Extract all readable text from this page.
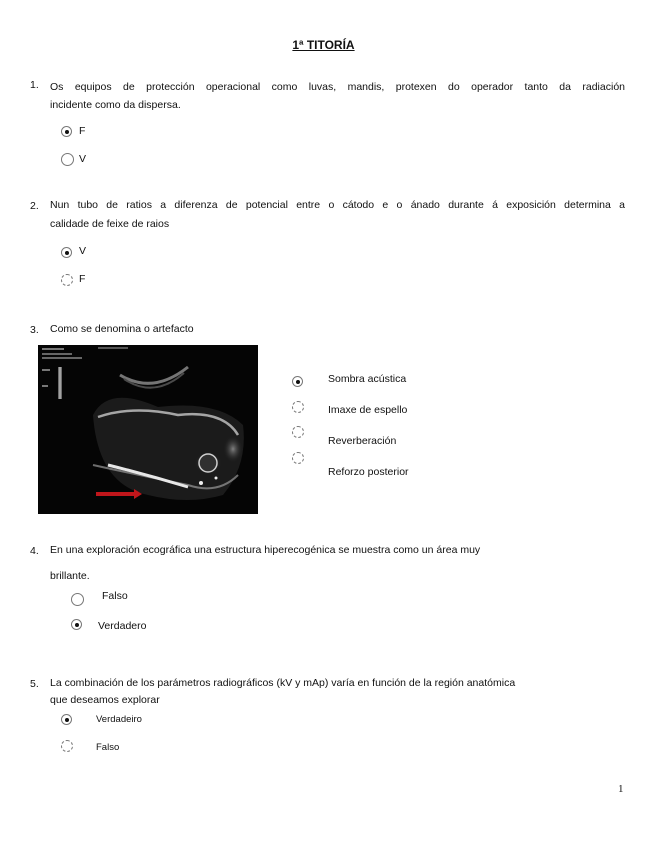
1ª TITORÍA
1. Os equipos de protección operacional como luvas, mandis, protexen do operador tanto da radiación
incidente como da dispersa.
F
V
2. Nun tubo de ratios a diferenza de potencial entre o cátodo e o ánado durante á exposición determina a
calidade de feixe de raios
V
F
3. Como se denomina o artefacto
Sombra acústica
Imaxe de espello
Reverberación
Reforzo posterior
4. En una exploración ecográfica una estructura hiperecogénica se muestra como un área muy
brillante.
Falso
Verdadero
5. La combinación de los parámetros radiográficos (kV y mAp) varía en función de la región anatómica
que deseamos explorar
Verdadeiro
Falso
1
